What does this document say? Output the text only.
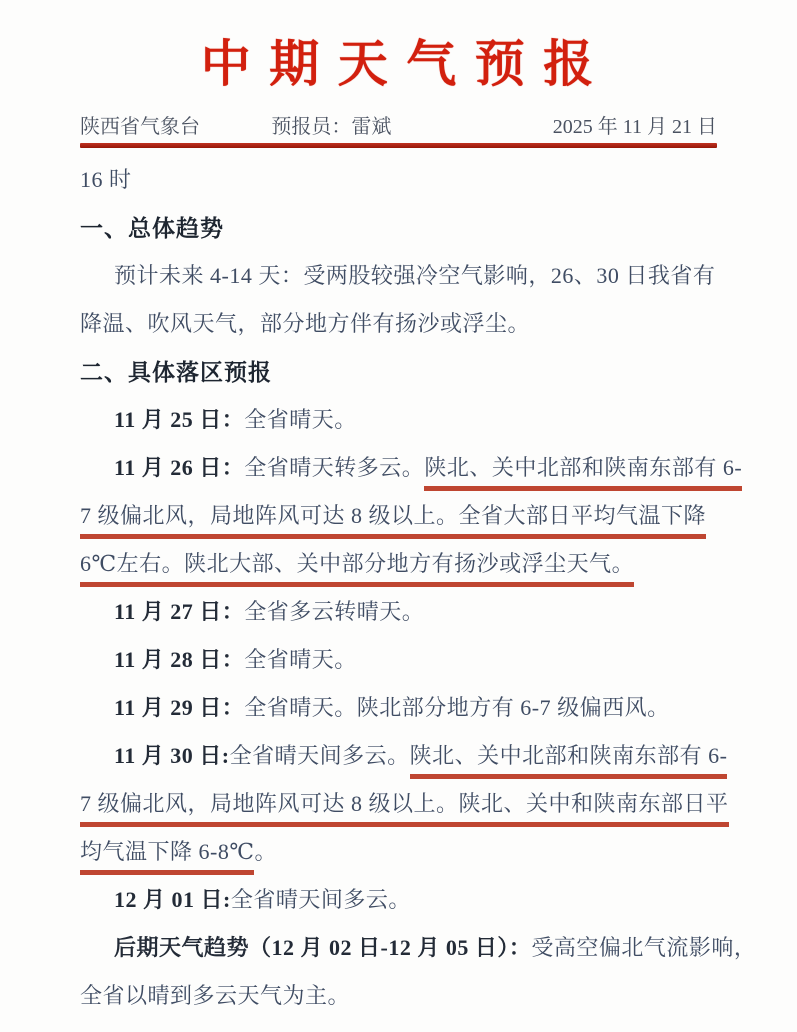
中 期 天 气 预 报
陕西省气象台	预报员：雷斌	2025 年 11 月 21 日
16 时
一、总体趋势
预计未来 4-14 天：受两股较强冷空气影响，26、30 日我省有
降温、吹风天气，部分地方伴有扬沙或浮尘。
二、具体落区预报
11 月 25 日：全省晴天。
11 月 26 日：全省晴天转多云。陕北、关中北部和陕南东部有 6-
7 级偏北风，局地阵风可达 8 级以上。全省大部日平均气温下降
6℃左右。陕北大部、关中部分地方有扬沙或浮尘天气。
11 月 27 日：全省多云转晴天。
11 月 28 日：全省晴天。
11 月 29 日：全省晴天。陕北部分地方有 6-7 级偏西风。
11 月 30 日:全省晴天间多云。陕北、关中北部和陕南东部有 6-
7 级偏北风，局地阵风可达 8 级以上。陕北、关中和陕南东部日平
均气温下降 6-8℃。
12 月 01 日:全省晴天间多云。
后期天气趋势（12 月 02 日-12 月 05 日）：受高空偏北气流影响，
全省以晴到多云天气为主。
